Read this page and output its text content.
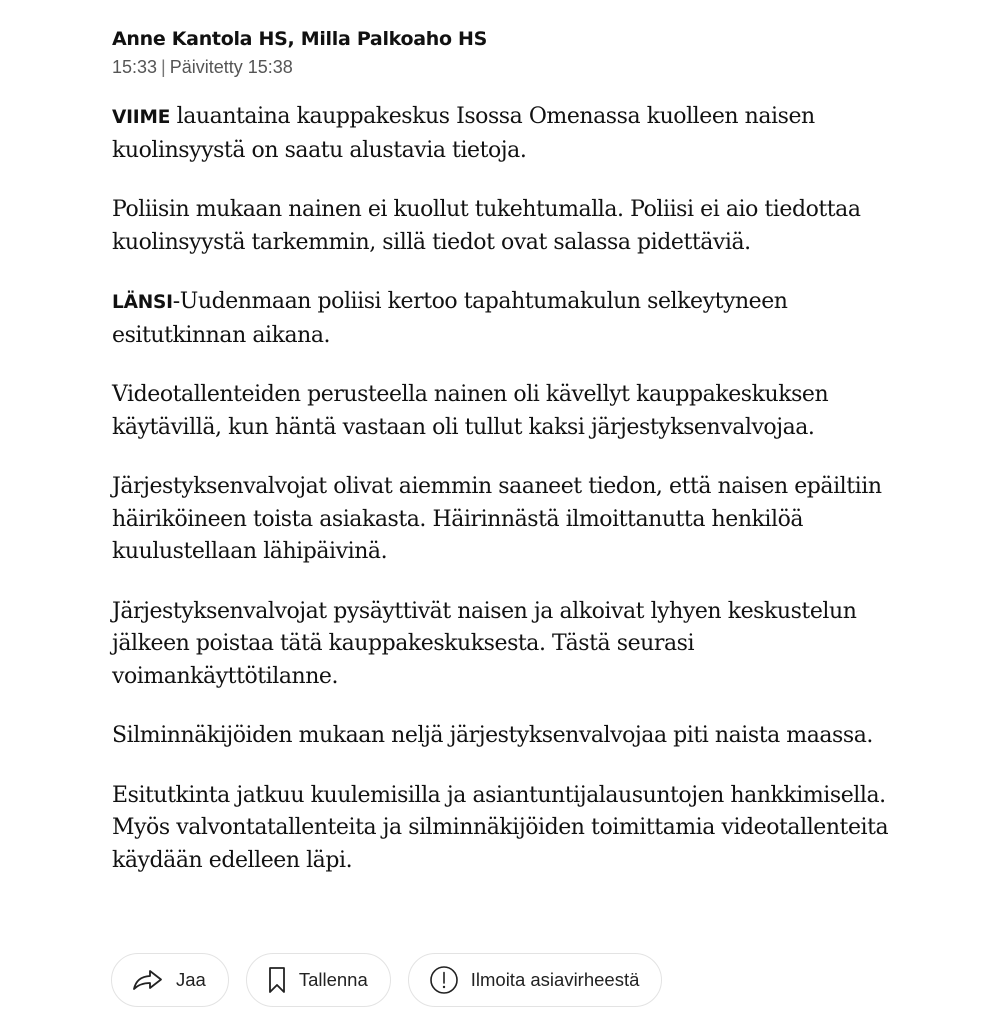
Anne Kantola HS, Milla Palkoaho HS

15:33 | Päivitetty 15:38

VIIME lauantaina kauppakeskus Isossa Omenassa kuolleen naisen kuolinsyystä on saatu alustavia tietoja.

Poliisin mukaan nainen ei kuollut tukehtumalla. Poliisi ei aio tiedottaa kuolinsyystä tarkemmin, sillä tiedot ovat salassa pidettäviä.

LÄNSI-Uudenmaan poliisi kertoo tapahtumakulun selkeytyneen esitutkinnan aikana.

Videotallenteiden perusteella nainen oli kävellyt kauppakeskuksen käytävillä, kun häntä vastaan oli tullut kaksi järjestyksenvalvojaa.

Järjestyksenvalvojat olivat aiemmin saaneet tiedon, että naisen epäiltiin häiriköineen toista asiakasta. Häirinnästä ilmoittanutta henkilöä kuulustellaan lähipäivinä.

Järjestyksenvalvojat pysäyttivät naisen ja alkoivat lyhyen keskustelun jälkeen poistaa tätä kauppakeskuksesta. Tästä seurasi voimankäyttötilanne.

Silminnäkijöiden mukaan neljä järjestyksenvalvojaa piti naista maassa.

Esitutkinta jatkuu kuulemisilla ja asiantuntijalausuntojen hankkimisella. Myös valvontatallenteita ja silminnäkijöiden toimittamia videotallenteita käydään edelleen läpi.

Jaa	Tallenna	Ilmoita asiavirheestä
